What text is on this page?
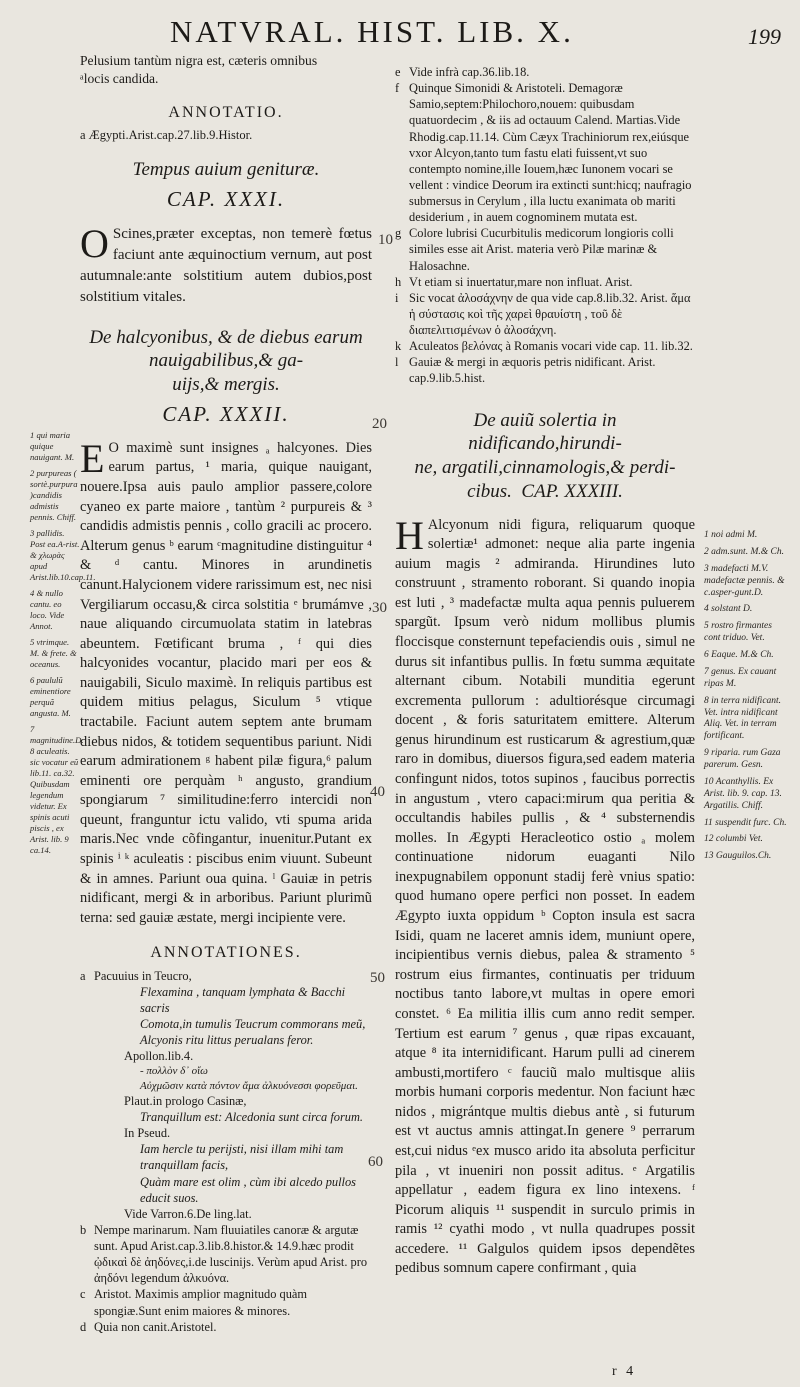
NATVRAL. HIST. LIB. X.	199

Pelusium tantùm nigra est, cæteris omnibus

ᵃlocis candida.

ANNOTATIO.

a Ægypti.Arist.cap.27.lib.9.Histor.

Tempus auium genituræ.
CAP. XXXI.

O Scines,præter exceptas, non temerè fœtus faciunt ante æquinoctium vernum, aut post autumnale:ante solstitium autem dubios,post solstitium vitales.

De halcyonibus, & de diebus earum nauigabilibus,& ga-
uijs,& mergis.
CAP. XXXII.

E O maximè sunt insignes ₐ halcyones. Dies earum partus, ¹ maria, quique nauigant, nouere.Ipsa auis paulo amplior passere,colore cyaneo ex parte maiore , tantùm ² purpureis & ³ candidis admistis pennis , collo gracili ac procero. Alterum genus ᵇ earum ᶜmagnitudine distinguitur ⁴ & ᵈ cantu. Minores in arundinetis canunt.Halycionem videre rarissimum est, nec nisi Vergiliarum occasu,& circa solstitia ᵉ brumámve , naue aliquando circumuolata statim in latebras abeuntem. Fœtificant bruma , ᶠ qui dies halcyonides vocantur, placido mari per eos & nauigabili, Siculo maximè. In reliquis partibus est quidem mitius pelagus, Siculum ⁵ vtique tractabile. Faciunt autem septem ante brumam diebus nidos, & totidem sequentibus pariunt. Nidi earum admirationem ᵍ habent pilæ figura,⁶ palum eminenti ore perquàm ʰ angusto, grandium spongiarum ⁷ similitudine:ferro intercidi non queunt, franguntur ictu valido, vti spuma arida maris.Nec vnde cõfingantur, inuenitur.Putant ex spinis ⁱ ᵏ aculeatis : piscibus enim viuunt. Subeunt & in amnes. Pariunt oua quina. ˡ Gauiæ in petris nidificant, mergi & in arboribus. Pariunt plurimũ terna: sed gauiæ æstate, mergi incipiente vere.

ANNOTATIONES.
a Pacuuius in Teucro,
Flexamina , tanquam lymphata & Bacchi sacris
Comota,in tumulis Teucrum commorans meũ,
Alcyonis ritu littus perualans feror.
Apollon.lib.4.
- πολλὸν δ᾽ οἴω
Αὐχμῶσιν κατὰ πόντον ἄμα ἀλκυόνεσσι φορεῦμαι.
Plaut.in prologo Casinæ,
Tranquillum est: Alcedonia sunt circa forum.
In Pseud.
Iam hercle tu perijsti, nisi illam mihi tam tranquillam facis,
Quàm mare est olim , cùm ibi alcedo pullos educit suos.
Vide Varron.6.De ling.lat.
b Nempe marinarum. Nam fluuiatiles canoræ & argutæ sunt. Apud Arist.cap.3.lib.8.histor.& 14.9.hæc prodit ᾠδικαὶ δὲ ἀηδόνες,i.de luscinijs. Verùm apud Arist. pro ἀηδόνι legendum ἀλκυόνα.
c Aristot. Maximis amplior magnitudo quàm spongiæ.Sunt enim maiores & minores.
d Quia non canit.Aristotel.
e Vide infrà cap.36.lib.18.
f Quinque Simonidi & Aristoteli. Demagoræ Samio,septem:Philochoro,nouem: quibusdam quatuordecim , & iis ad octauum Calend. Martias.Vide Rhodig.cap.11.14. Cùm Cæyx Trachiniorum rex,eiúsque vxor Alcyon,tanto tum fastu elati fuissent,vt suo contempto nomine,ille Iouem,hæc Iunonem vocari se vellent : vindice Deorum ira extincti sunt:hicq; naufragio submersus in Cerylum , illa luctu exanimata ob mariti desiderium , in auem cognominem mutata est.
g Colore lubrisi Cucurbitulis medicorum longioris colli similes esse ait Arist. materia verò Pilæ marinæ & Halosachne.
h Vt etiam si inuertatur,mare non influat. Arist.
i Sic vocat ἀλοσάχνην de qua vide cap.8.lib.32. Arist. ἅμα ἡ σύστασις κοὶ τῆς χαρεὶ θραυίστη , τοῦ δὲ διαπελιτισμένων ὁ ἀλοσάχνη.
k Aculeatos βελόνας à Romanis vocari vide cap. 11. lib.32.
l Gauiæ & mergi in æquoris petris nidificant. Arist. cap.9.lib.5.hist.
De auiũ solertia in nidificando,hirundi-
ne, argatili,cinnamologis,& perdi-
cibus. CAP. XXXIII.

H Alcyonum nidi figura, reliquarum quoque solertiæ¹ admonet: neque alia parte ingenia auium magis ² admiranda. Hirundines luto construunt , stramento roborant. Si quando inopia est luti , ³ madefactæ multa aqua pennis puluerem spargũt. Ipsum verò nidum mollibus plumis floccisque consternunt tepefaciendis ouis , simul ne durus sit infantibus pullis. In fœtu summa æquitate alternant cibum. Notabili munditia egerunt excrementa pullorum : adultiorésque circumagi docent , & foris saturitatem emittere. Alterum genus hirundinum est rusticarum & agrestium,quæ raro in domibus, diuersos figura,sed eadem materia confingunt nidos, totos supinos , faucibus porrectis in angustum , vtero capaci:mirum qua peritia & occultandis habiles pullis , & ⁴ substernendis molles. In Ægypti Heracleotico ostio ₐ molem continuatione nidorum euaganti Nilo inexpugnabilem opponunt stadij ferè vnius spatio: quod humano opere perfici non posset. In eadem Ægypto iuxta oppidum ᵇ Copton insula est sacra Isidi, quam ne laceret amnis idem, muniunt opere, incipientibus vernis diebus, palea & stramento ⁵ rostrum eius firmantes, continuatis per triduum noctibus tanto labore,vt multas in opere emori constet. ⁶ Ea militia illis cum anno redit semper. Tertium est earum ⁷ genus , quæ ripas excauant, atque ⁸ ita internidificant. Harum pulli ad cinerem ambusti,mortifero ᶜ fauciũ malo multisque aliis morbis humani corporis medentur. Non faciunt hæc nidos , migrántque multis diebus antè , si futurum est vt auctus amnis attingat.In genere ⁹ perrarum est,cui nidus ᵉex musco arido ita absoluta perficitur pila , vt inueniri non possit aditus. ᵉ Argatilis appellatur , eadem figura ex lino intexens. ᶠ Picorum aliquis ¹¹ suspendit in surculo primis in ramis ¹² cyathi modo , vt nulla quadrupes possit accedere. ¹¹ Galgulos quidem ipsos dependẽtes pedibus somnum capere confirmant , quia

10
20
30
40
50
60
1 qui maria quique nauigant. M.
2 purpureas ( sortè.purpura )candidis admistis pennis. Chiff.
3 pallidis. Post ea.A-rist. & χλωρὰς apud Arist.lib.10.cap.11.
4 & nullo cantu. eo loco. Vide Annot.
5 vtrimque. M. & frete. & oceanus.
6 paululũ eminentiore perquã angusta. M.
7 magnitudine.D. 8 aculeatis. sic vocatur eũ lib.11. ca.32. Quibusdam legendum videtur. Ex spinis acuti piscis , ex Arist. lib. 9 ca.14.
1 noi admi M.
2 adm.sunt. M.& Ch.
3 madefacti M.V. madefactæ pennis. & c.asper-gunt.D.
4 solstant D.
5 rostro firmantes cont triduo. Vet.
6 Eaque. M.& Ch.
7 genus. Ex cauant ripas M.
8 in terra nidificant. Vet. intra nidificant Aliq. Vet. in terram fortificant.
9 riparia. rum Gaza parerum. Gesn.
10 Acanthyllis. Ex Arist. lib. 9. cap. 13. Argatilis. Chiff.
11 suspendit furc. Ch.
12 columbi Vet.
13 Gauguilos.Ch.
r 4
